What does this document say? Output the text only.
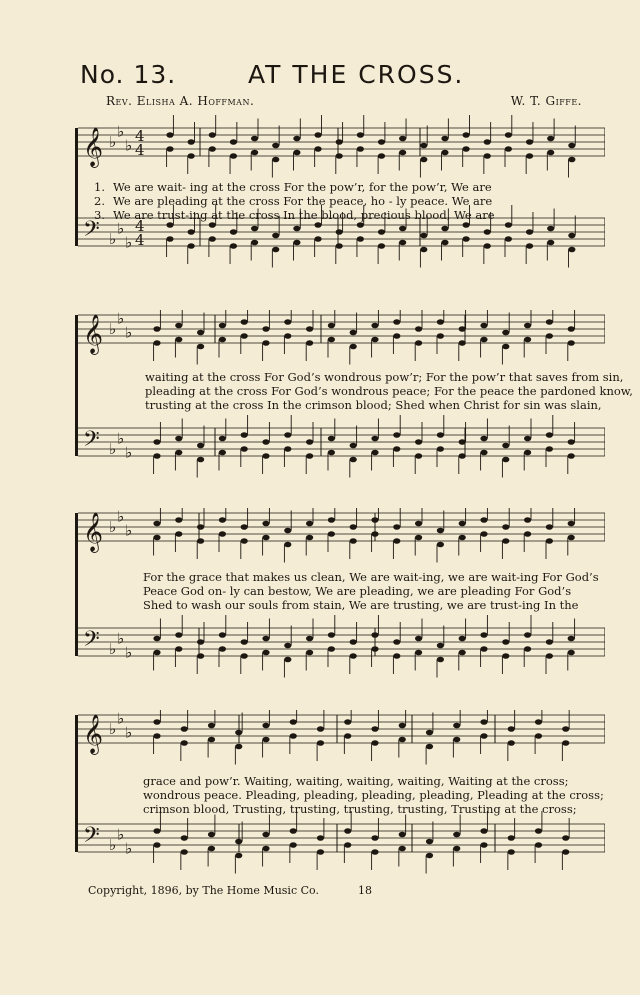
No. 13.	AT THE CROSS.
Rev. Elisha A. Hoffman.	W. T. Giffe.
𝄞 ♭
♭
♭
4
4
𝄢 ♭
♭
♭
4
4
1. We are wait- ing at the cross For the pow’r, for the pow’r, We are
2. We are pleading at the cross For the peace, ho - ly peace. We are
3. We are trust-ing at the cross In the blood, precious blood, We are
𝄞 ♭
♭
♭
𝄢 ♭
♭
♭
waiting at the cross For God’s wondrous pow’r; For the pow’r that saves from sin,
pleading at the cross For God’s wondrous peace; For the peace the pardoned know,
trusting at the cross In the crimson blood; Shed when Christ for sin was slain,
𝄞 ♭
♭
♭
𝄢 ♭
♭
♭
For the grace that makes us clean, We are wait-ing, we are wait-ing For God’s
Peace God on- ly can bestow, We are pleading, we are pleading For God’s
Shed to wash our souls from stain, We are trusting, we are trust-ing In the
𝄞 ♭
♭
♭
𝄢 ♭
♭
♭
grace and pow’r. Waiting, waiting, waiting, waiting, Waiting at the cross;
wondrous peace. Pleading, pleading, pleading, pleading, Pleading at the cross;
crimson blood, Trusting, trusting, trusting, trusting, Trusting at the cross;
Copyright, 1896, by The Home Music Co.	18
